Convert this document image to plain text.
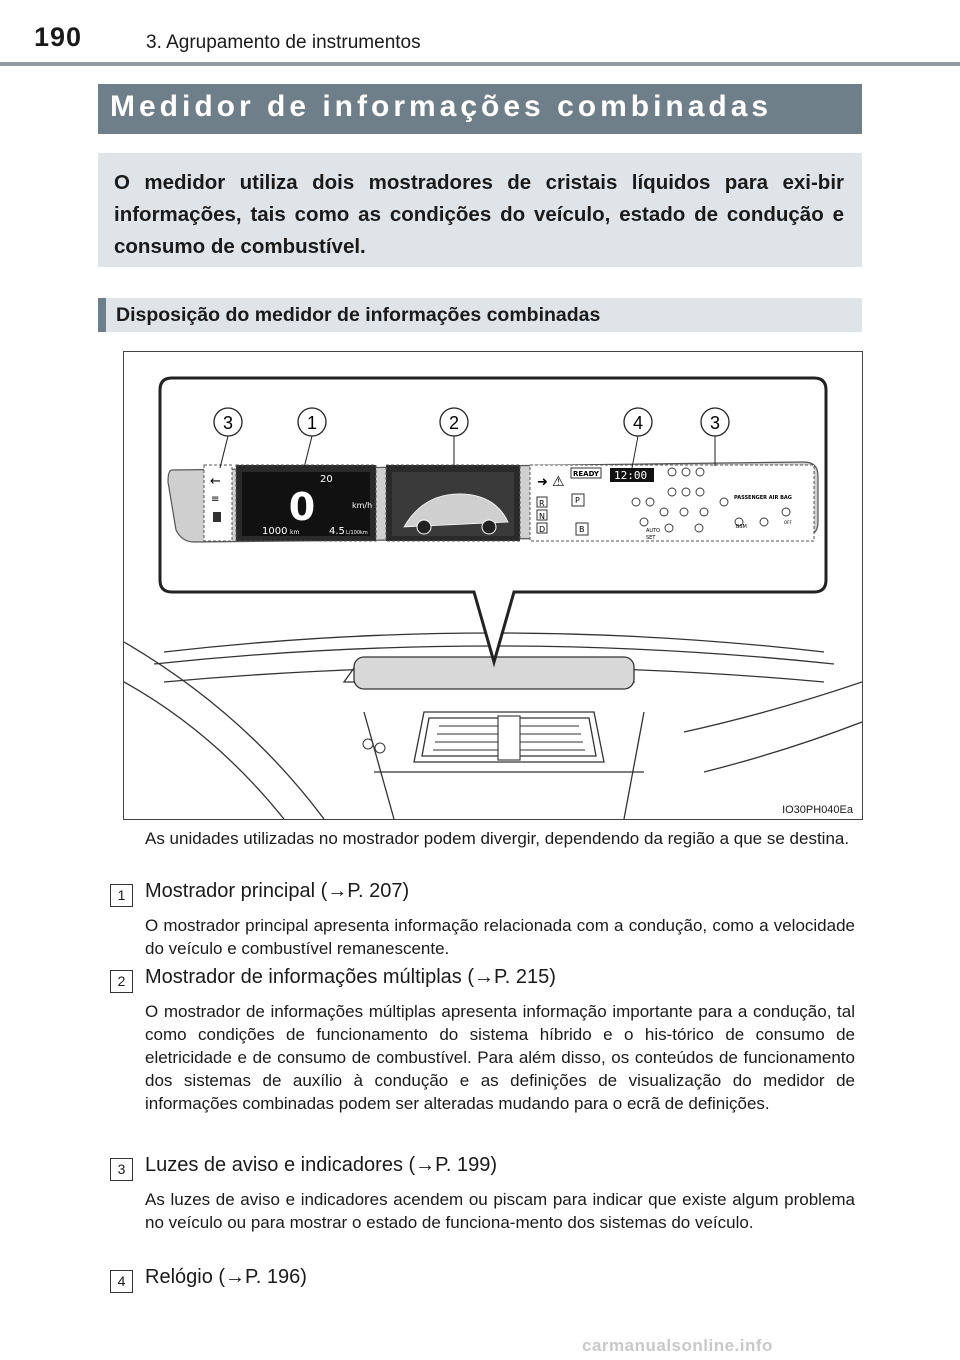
190	3. Agrupamento de instrumentos
Medidor de informações combinadas

O medidor utiliza dois mostradores de cristais líquidos para exi-bir informações, tais como as condições do veículo, estado de condução e consumo de combustível.

Disposição do medidor de informações combinadas
←
≡
20
0	km/h
1000 km	4.5 L/100km
➜ ⚠ READY 12:00
R
N
D
P
B
PASSENGER AIR BAG
BSM
AUTO
SET
OFF
3	1	2	4	3
IO30PH040Ea

As unidades utilizadas no mostrador podem divergir, dependendo da região a que se destina.

1 Mostrador principal (→P. 207)

O mostrador principal apresenta informação relacionada com a condução, como a velocidade do veículo e combustível remanescente.

2 Mostrador de informações múltiplas (→P. 215)

O mostrador de informações múltiplas apresenta informação importante para a condução, tal como condições de funcionamento do sistema híbrido e o his-tórico de consumo de eletricidade e de consumo de combustível. Para além disso, os conteúdos de funcionamento dos sistemas de auxílio à condução e as definições de visualização do medidor de informações combinadas podem ser alteradas mudando para o ecrã de definições.

3 Luzes de aviso e indicadores (→P. 199)

As luzes de aviso e indicadores acendem ou piscam para indicar que existe algum problema no veículo ou para mostrar o estado de funciona-mento dos sistemas do veículo.

4 Relógio (→P. 196)
carmanualsonline.info
